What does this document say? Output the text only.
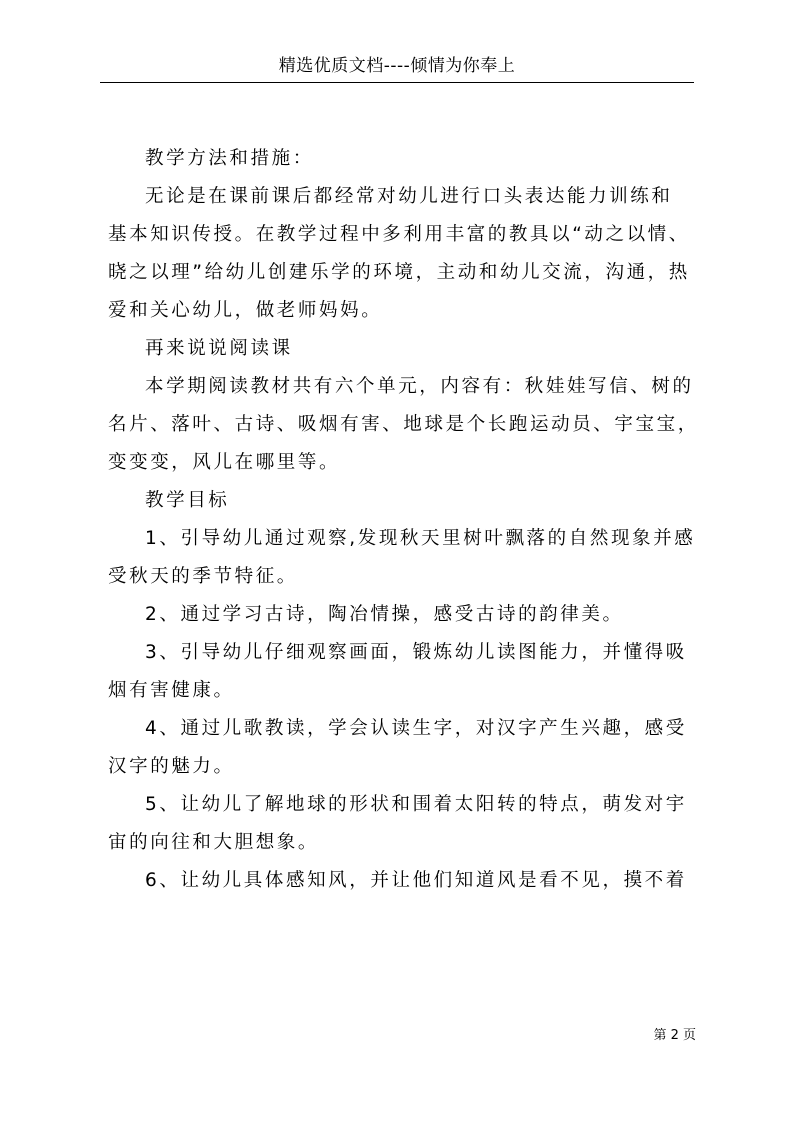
精选优质文档----倾情为你奉上

教学方法和措施：

无论是在课前课后都经常对幼儿进行口头表达能力训练和
基本知识传授。在教学过程中多利用丰富的教具以“动之以情、
晓之以理”给幼儿创建乐学的环境，主动和幼儿交流，沟通，热
爱和关心幼儿，做老师妈妈。

再来说说阅读课

本学期阅读教材共有六个单元，内容有：秋娃娃写信、树的
名片、落叶、古诗、吸烟有害、地球是个长跑运动员、宇宝宝，
变变变，风儿在哪里等。

教学目标

1、引导幼儿通过观察,发现秋天里树叶飘落的自然现象并感
受秋天的季节特征。

2、通过学习古诗，陶冶情操，感受古诗的韵律美。

3、引导幼儿仔细观察画面，锻炼幼儿读图能力，并懂得吸
烟有害健康。

4、通过儿歌教读，学会认读生字，对汉字产生兴趣，感受
汉字的魅力。

5、让幼儿了解地球的形状和围着太阳转的特点，萌发对宇
宙的向往和大胆想象。

6、让幼儿具体感知风，并让他们知道风是看不见，摸不着

第 2 页
